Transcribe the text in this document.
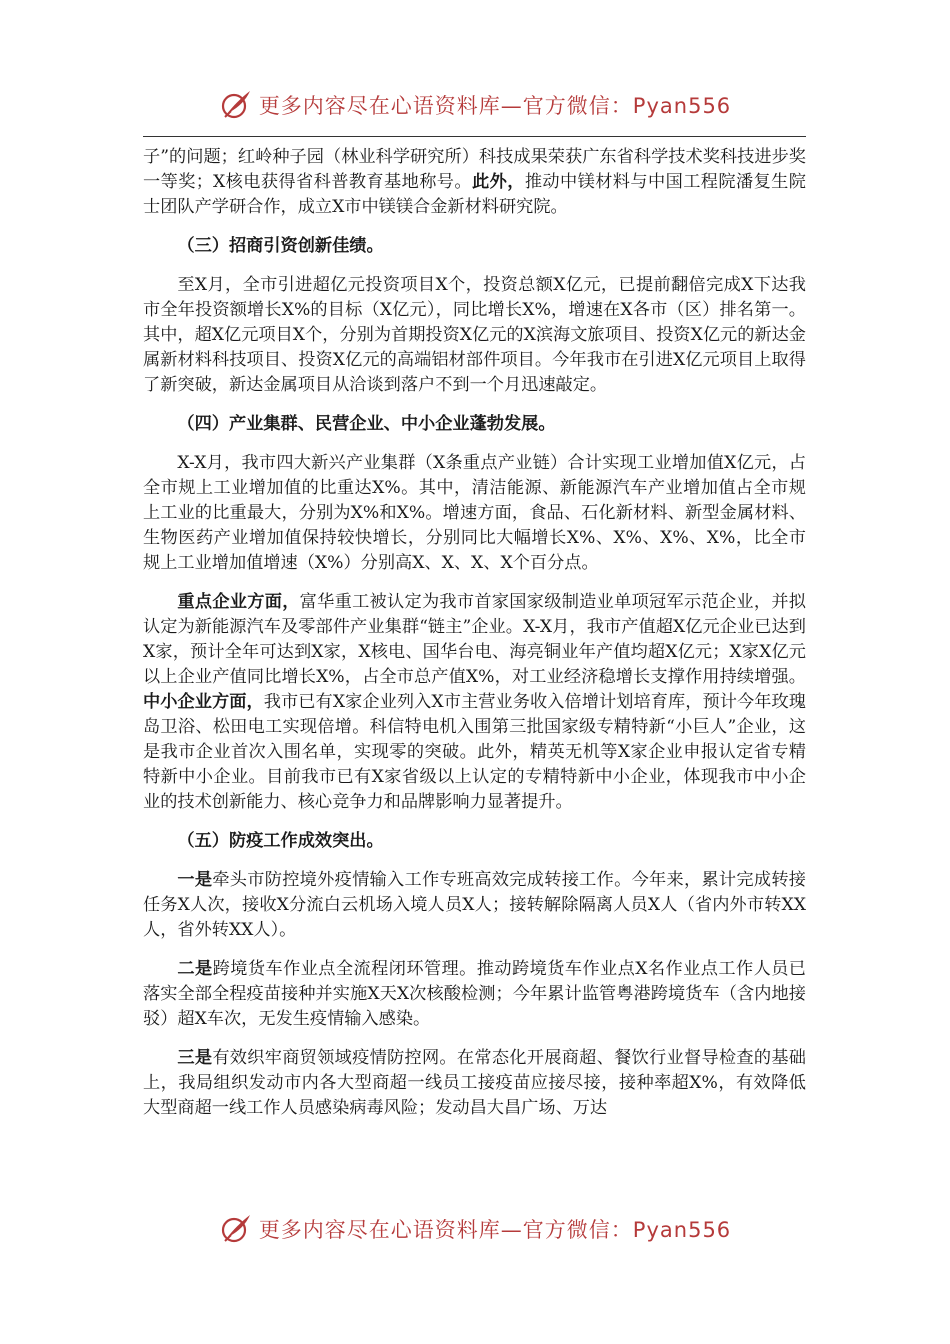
更多内容尽在心语资料库—官方微信：Pyan556

子”的问题；红岭种子园（林业科学研究所）科技成果荣获广东省科学技术奖科技进步奖一等奖；X核电获得省科普教育基地称号。此外，推动中镁材料与中国工程院潘复生院士团队产学研合作，成立X市中镁镁合金新材料研究院。

（三）招商引资创新佳绩。

至X月，全市引进超亿元投资项目X个，投资总额X亿元，已提前翻倍完成X下达我市全年投资额增长X%的目标（X亿元），同比增长X%，增速在X各市（区）排名第一。其中，超X亿元项目X个，分别为首期投资X亿元的X滨海文旅项目、投资X亿元的新达金属新材料科技项目、投资X亿元的高端铝材部件项目。今年我市在引进X亿元项目上取得了新突破，新达金属项目从洽谈到落户不到一个月迅速敲定。

（四）产业集群、民营企业、中小企业蓬勃发展。

X-X月，我市四大新兴产业集群（X条重点产业链）合计实现工业增加值X亿元，占全市规上工业增加值的比重达X%。其中，清洁能源、新能源汽车产业增加值占全市规上工业的比重最大，分别为X%和X%。增速方面，食品、石化新材料、新型金属材料、生物医药产业增加值保持较快增长，分别同比大幅增长X%、X%、X%、X%，比全市规上工业增加值增速（X%）分别高X、X、X、X个百分点。

重点企业方面，富华重工被认定为我市首家国家级制造业单项冠军示范企业，并拟认定为新能源汽车及零部件产业集群“链主”企业。X-X月，我市产值超X亿元企业已达到X家，预计全年可达到X家，X核电、国华台电、海亮铜业年产值均超X亿元；X家X亿元以上企业产值同比增长X%，占全市总产值X%，对工业经济稳增长支撑作用持续增强。中小企业方面，我市已有X家企业列入X市主营业务收入倍增计划培育库，预计今年玫瑰岛卫浴、松田电工实现倍增。科信特电机入围第三批国家级专精特新“小巨人”企业，这是我市企业首次入围名单，实现零的突破。此外，精英无机等X家企业申报认定省专精特新中小企业。目前我市已有X家省级以上认定的专精特新中小企业，体现我市中小企业的技术创新能力、核心竞争力和品牌影响力显著提升。

（五）防疫工作成效突出。

一是牵头市防控境外疫情输入工作专班高效完成转接工作。今年来，累计完成转接任务X人次，接收X分流白云机场入境人员X人；接转解除隔离人员X人（省内外市转XX人，省外转XX人）。

二是跨境货车作业点全流程闭环管理。推动跨境货车作业点X名作业点工作人员已落实全部全程疫苗接种并实施X天X次核酸检测；今年累计监管粤港跨境货车（含内地接驳）超X车次，无发生疫情输入感染。

三是有效织牢商贸领域疫情防控网。在常态化开展商超、餐饮行业督导检查的基础上，我局组织发动市内各大型商超一线员工接疫苗应接尽接，接种率超X%，有效降低大型商超一线工作人员感染病毒风险；发动昌大昌广场、万达

更多内容尽在心语资料库—官方微信：Pyan556
